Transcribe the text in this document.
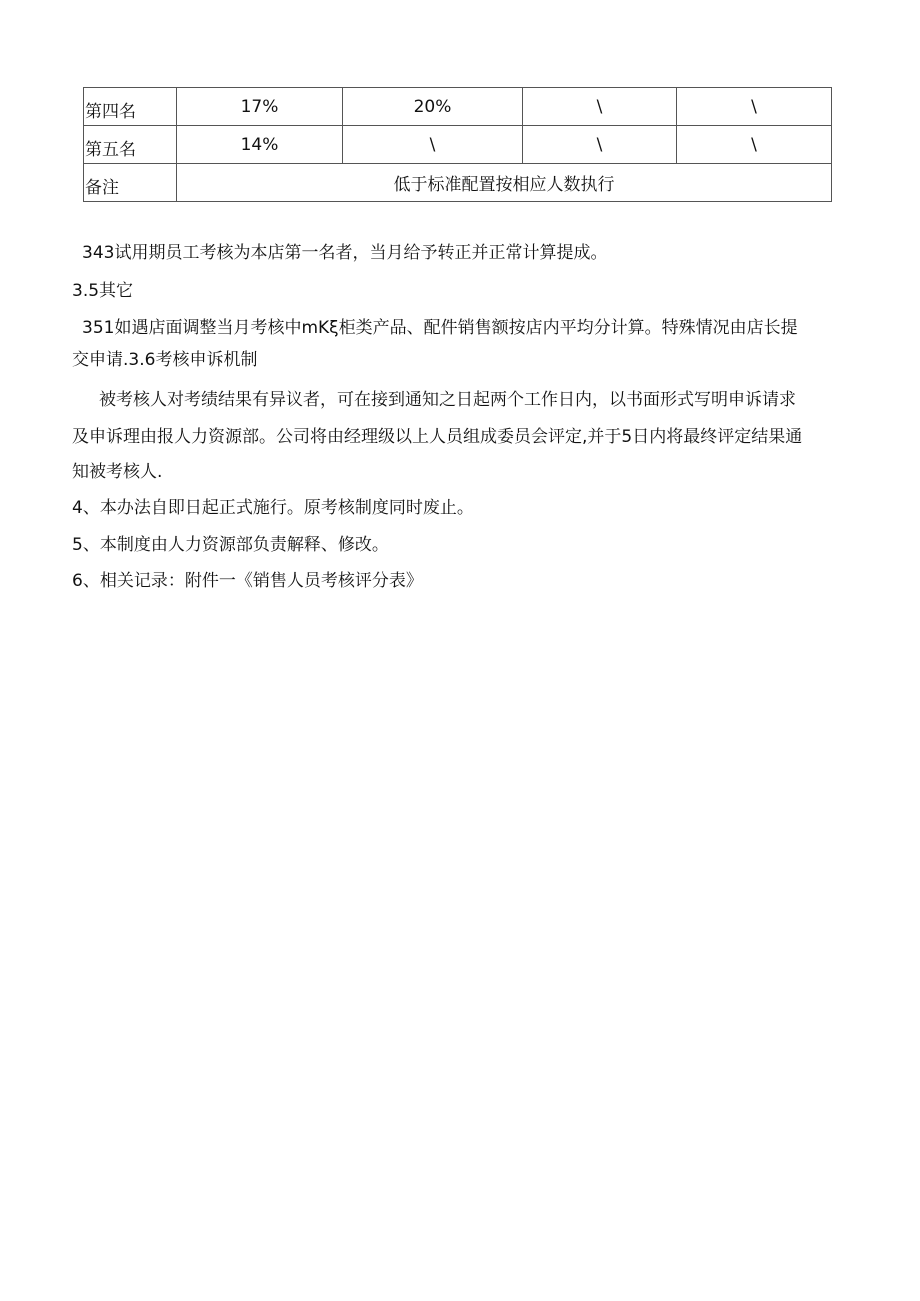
第四名	17%	20%	\	\
第五名	14%	\	\	\
备注	低于标准配置按相应人数执行			

343试用期员工考核为本店第一名者，当月给予转正并正常计算提成。

3.5其它

351如遇店面调整当月考核中mKξ柜类产品、配件销售额按店内平均分计算。特殊情况由店长提

交申请.3.6考核申诉机制

被考核人对考绩结果有异议者，可在接到通知之日起两个工作日内，以书面形式写明申诉请求

及申诉理由报人力资源部。公司将由经理级以上人员组成委员会评定,并于5日内将最终评定结果通

知被考核人.

4、本办法自即日起正式施行。原考核制度同时废止。

5、本制度由人力资源部负责解释、修改。

6、相关记录：附件一《销售人员考核评分表》
